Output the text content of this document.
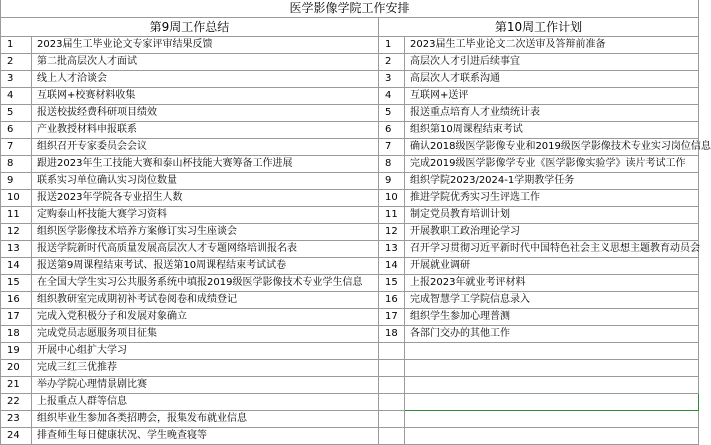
医学影像学院工作安排			
第9周工作总结		第10周工作计划	
1	2023届生工毕业论文专家评审结果反馈	1	2023届生工毕业论文二次送审及答辩前准备
2	第二批高层次人才面试	2	高层次人才引进后续事宜
3	线上人才洽谈会	3	高层次人才联系沟通
4	互联网+校赛材料收集	4	互联网+送评
5	报送校拔经费科研项目绩效	5	报送重点培育人才业绩统计表
6	产业教授材料申报联系	6	组织第10周课程结束考试
7	组织召开专家委员会会议	7	确认2018级医学影像专业和2019级医学影像技术专业实习岗位信息
8	跟进2023年生工技能大赛和泰山杯技能大赛筹备工作进展	8	完成2019级医学影像学专业《医学影像实验学》读片考试工作
9	联系实习单位确认实习岗位数量	9	组织学院2023/2024-1学期教学任务
10	报送2023年学院各专业招生人数	10	推进学院优秀实习生评选工作
11	定购泰山杯技能大赛学习资料	11	制定党员教育培训计划
12	组织医学影像技术培养方案修订实习生座谈会	12	开展教职工政治理论学习
13	报送学院新时代高质量发展高层次人才专题网络培训报名表	13	召开学习贯彻习近平新时代中国特色社会主义思想主题教育动员会
14	报送第9周课程结束考试、报送第10周课程结束考试试卷	14	开展就业调研
15	在全国大学生实习公共服务系统中填报2019级医学影像技术专业学生信息	15	上报2023年就业考评材料
16	组织教研室完成期初补考试卷阅卷和成绩登记	16	完成智慧学工学院信息录入
17	完成入党积极分子和发展对象确立	17	组织学生参加心理普测
18	完成党员志愿服务项目征集	18	各部门交办的其他工作
19	开展中心组扩大学习		
20	完成三红三优推荐		
21	举办学院心理情景剧比赛		
22	上报重点人群等信息		
23	组织毕业生参加各类招聘会，报集发布就业信息		
24	排查师生每日健康状况、学生晚查寝等		
